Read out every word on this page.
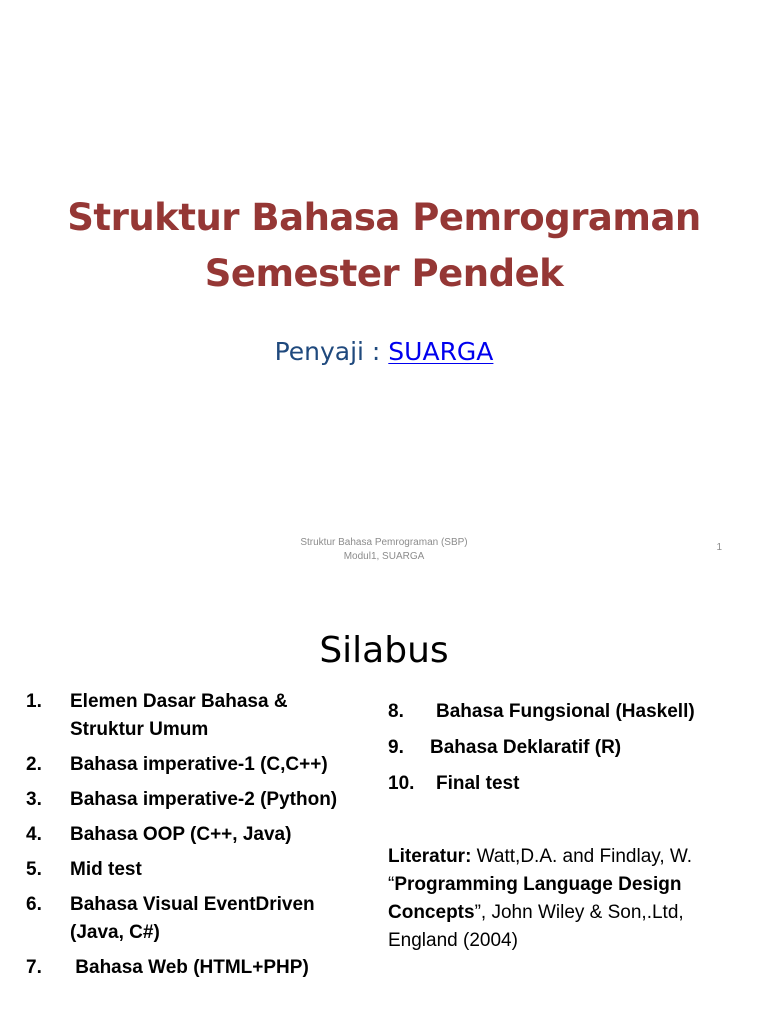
Struktur Bahasa Pemrograman
Semester Pendek
Penyaji : SUARGA
Struktur Bahasa Pemrograman (SBP)
Modul1, SUARGA
1
Silabus
1. Elemen Dasar Bahasa &
Struktur Umum
2. Bahasa imperative-1 (C,C++)
3. Bahasa imperative-2 (Python)
4. Bahasa OOP (C++, Java)
5. Mid test
6. Bahasa Visual EventDriven
(Java, C#)
7. Bahasa Web (HTML+PHP)
8. Bahasa Fungsional (Haskell)
9. Bahasa Deklaratif (R)
10. Final test
Literatur: Watt,D.A. and Findlay, W. “Programming Language Design Concepts”, John Wiley & Son,.Ltd, England (2004)
